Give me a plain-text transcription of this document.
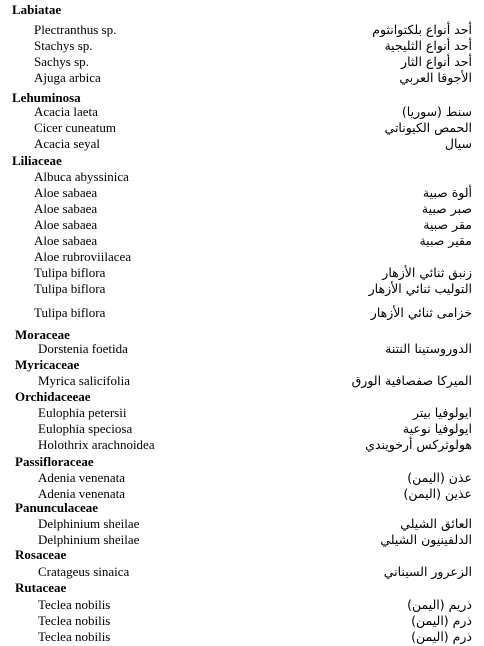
Labiatae
Plectranthus sp.	أحد أنواع بلكتوانثوم
Stachys sp.	أحد أنواع الثليجية
Sachys sp.	أحد أنواع الثار
Ajuga arbica	الأجوقا العربي
Lehuminosa
Acacia laeta	سنط (سوريا)
Cicer cuneatum	الحمص الكيوناتي
Acacia seyal	سيال
Liliaceae
Albuca abyssinica
Aloe sabaea	ألوة صبية
Aloe sabaea	صبر صبية
Aloe sabaea	مقر صبية
Aloe sabaea	مقير صبية
Aloe rubroviilacea
Tulipa biflora	زنبق ثنائي الأزهار
Tulipa biflora	التوليب ثنائي الأزهار
Tulipa biflora	خزامى ثنائي الأزهار
Moraceae
Dorstenia foetida	الدوروستينا النتنة
Myricaceae
Myrica salicifolia	الميركا صفصافية الورق
Orchidaceeae
Eulophia petersii	ايولوفيا بيتر
Eulophia speciosa	ايولوفيا نوعية
Holothrix arachnoidea	هولوثركس أرخويندي
Passifloraceae
Adenia venenata	عذن (اليمن)
Adenia venenata	عذين (اليمن)
Panunculaceae
Delphinium sheilae	العائق الشيلي
Delphinium sheilae	الدلفينيون الشيلي
Rosaceae
Cratageus sinaica	الزعرور السيناني
Rutaceae
Teclea nobilis	ذريم (اليمن)
Teclea nobilis	ذرم (اليمن)
Teclea nobilis	ذرم (اليمن)
